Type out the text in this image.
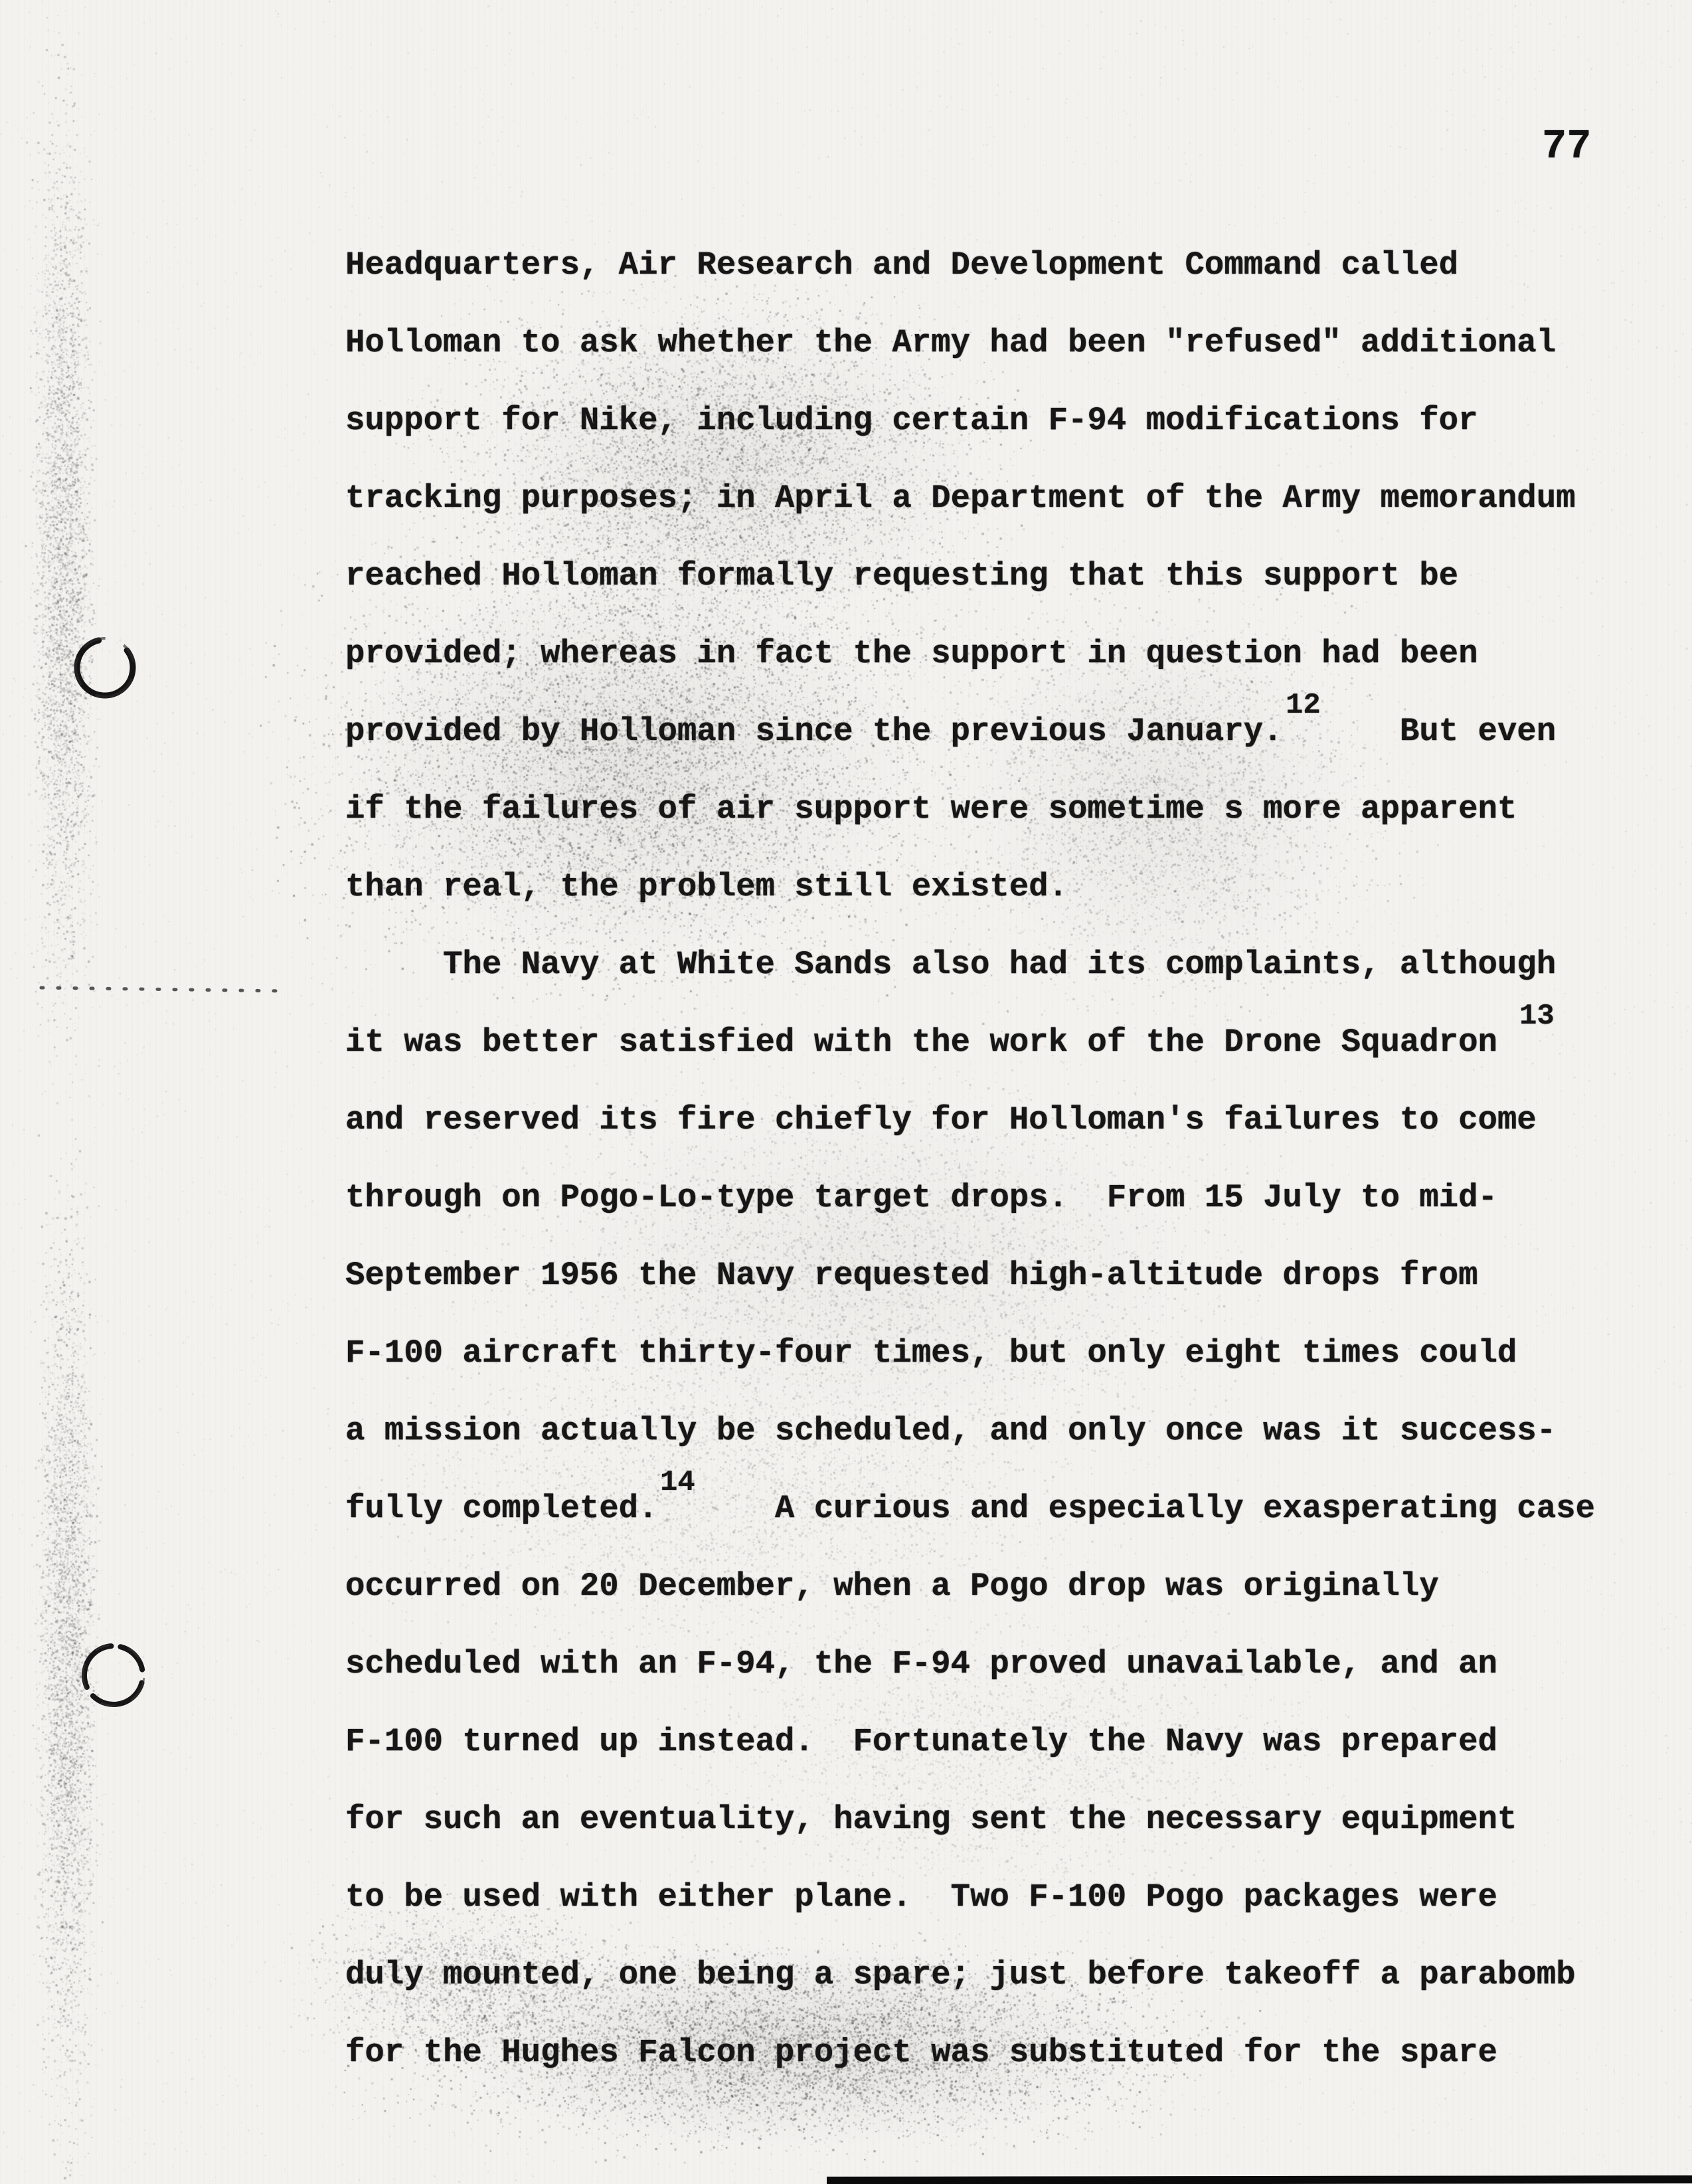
77
Headquarters, Air Research and Development Command called
Holloman to ask whether the Army had been "refused" additional
support for Nike, including certain F-94 modifications for
tracking purposes; in April a Department of the Army memorandum
reached Holloman formally requesting that this support be
provided; whereas in fact the support in question had been
provided by Holloman since the previous January.      But even
if the failures of air support were sometime s more apparent
than real, the problem still existed.
The Navy at White Sands also had its complaints, although
it was better satisfied with the work of the Drone Squadron
and reserved its fire chiefly for Holloman's failures to come
through on Pogo-Lo-type target drops.  From 15 July to mid-
September 1956 the Navy requested high-altitude drops from
F-100 aircraft thirty-four times, but only eight times could
a mission actually be scheduled, and only once was it success-
fully completed.      A curious and especially exasperating case
occurred on 20 December, when a Pogo drop was originally
scheduled with an F-94, the F-94 proved unavailable, and an
F-100 turned up instead.  Fortunately the Navy was prepared
for such an eventuality, having sent the necessary equipment
to be used with either plane.  Two F-100 Pogo packages were
duly mounted, one being a spare; just before takeoff a parabomb
for the Hughes Falcon project was substituted for the spare
12
13
14
